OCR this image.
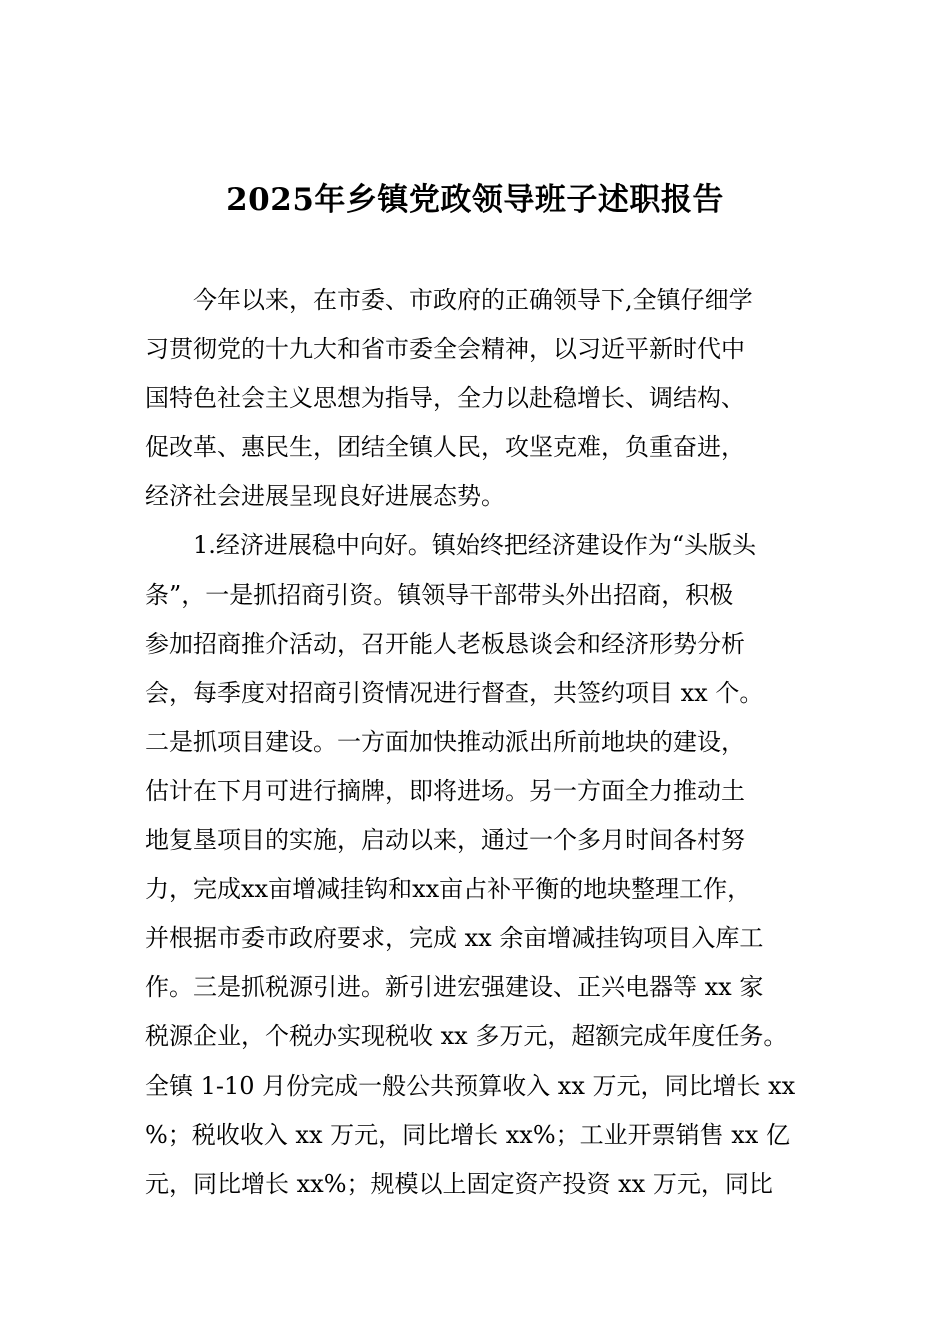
2025年乡镇党政领导班子述职报告
今年以来，在市委、市政府的正确领导下,全镇仔细学
习贯彻党的十九大和省市委全会精神，以习近平新时代中
国特色社会主义思想为指导，全力以赴稳增长、调结构、
促改革、惠民生，团结全镇人民，攻坚克难，负重奋进，
经济社会进展呈现良好进展态势。
1.经济进展稳中向好。镇始终把经济建设作为“头版头
条”，一是抓招商引资。镇领导干部带头外出招商，积极
参加招商推介活动，召开能人老板恳谈会和经济形势分析
会，每季度对招商引资情况进行督查，共签约项目 xx 个。
二是抓项目建设。一方面加快推动派出所前地块的建设，
估计在下月可进行摘牌，即将进场。另一方面全力推动土
地复垦项目的实施，启动以来，通过一个多月时间各村努
力，完成xx亩增减挂钩和xx亩占补平衡的地块整理工作，
并根据市委市政府要求，完成 xx 余亩增减挂钩项目入库工
作。三是抓税源引进。新引进宏强建设、正兴电器等 xx 家
税源企业，个税办实现税收 xx 多万元，超额完成年度任务。
全镇 1-10 月份完成一般公共预算收入 xx 万元，同比增长 xx
%；税收收入 xx 万元，同比增长 xx%；工业开票销售 xx 亿
元，同比增长 xx%；规模以上固定资产投资 xx 万元，同比
